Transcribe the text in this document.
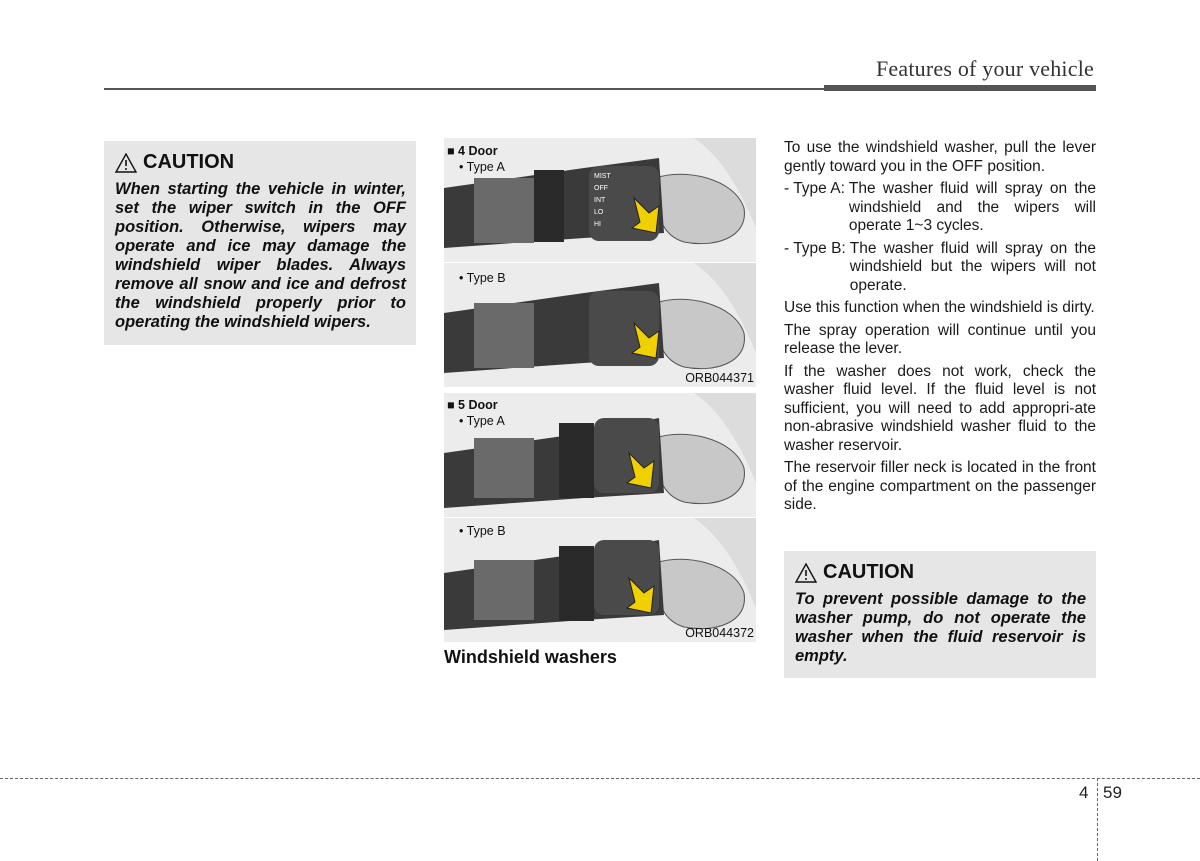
Features of your vehicle
CAUTION
When starting the vehicle in winter, set the wiper switch in the OFF position. Otherwise, wipers may operate and ice may damage the windshield wiper blades. Always remove all snow and ice and defrost the windshield properly prior to operating the windshield wipers.
MIST
OFF
INT
LO
HI
■ 4 Door
• Type A
• Type B
ORB044371
■ 5 Door
• Type A
• Type B
ORB044372
Windshield washers

To use the windshield washer, pull the lever gently toward you in the OFF position.

- Type A: The washer fluid will spray on the windshield and the wipers will operate 1~3 cycles.
- Type B: The washer fluid will spray on the windshield but the wipers will not operate.

Use this function when the windshield is dirty.

The spray operation will continue until you release the lever.

If the washer does not work, check the washer fluid level. If the fluid level is not sufficient, you will need to add appropri-ate non-abrasive windshield washer fluid to the washer reservoir.

The reservoir filler neck is located in the front of the engine compartment on the passenger side.

CAUTION
To prevent possible damage to the washer pump, do not operate the washer when the fluid reservoir is empty.
4 59
